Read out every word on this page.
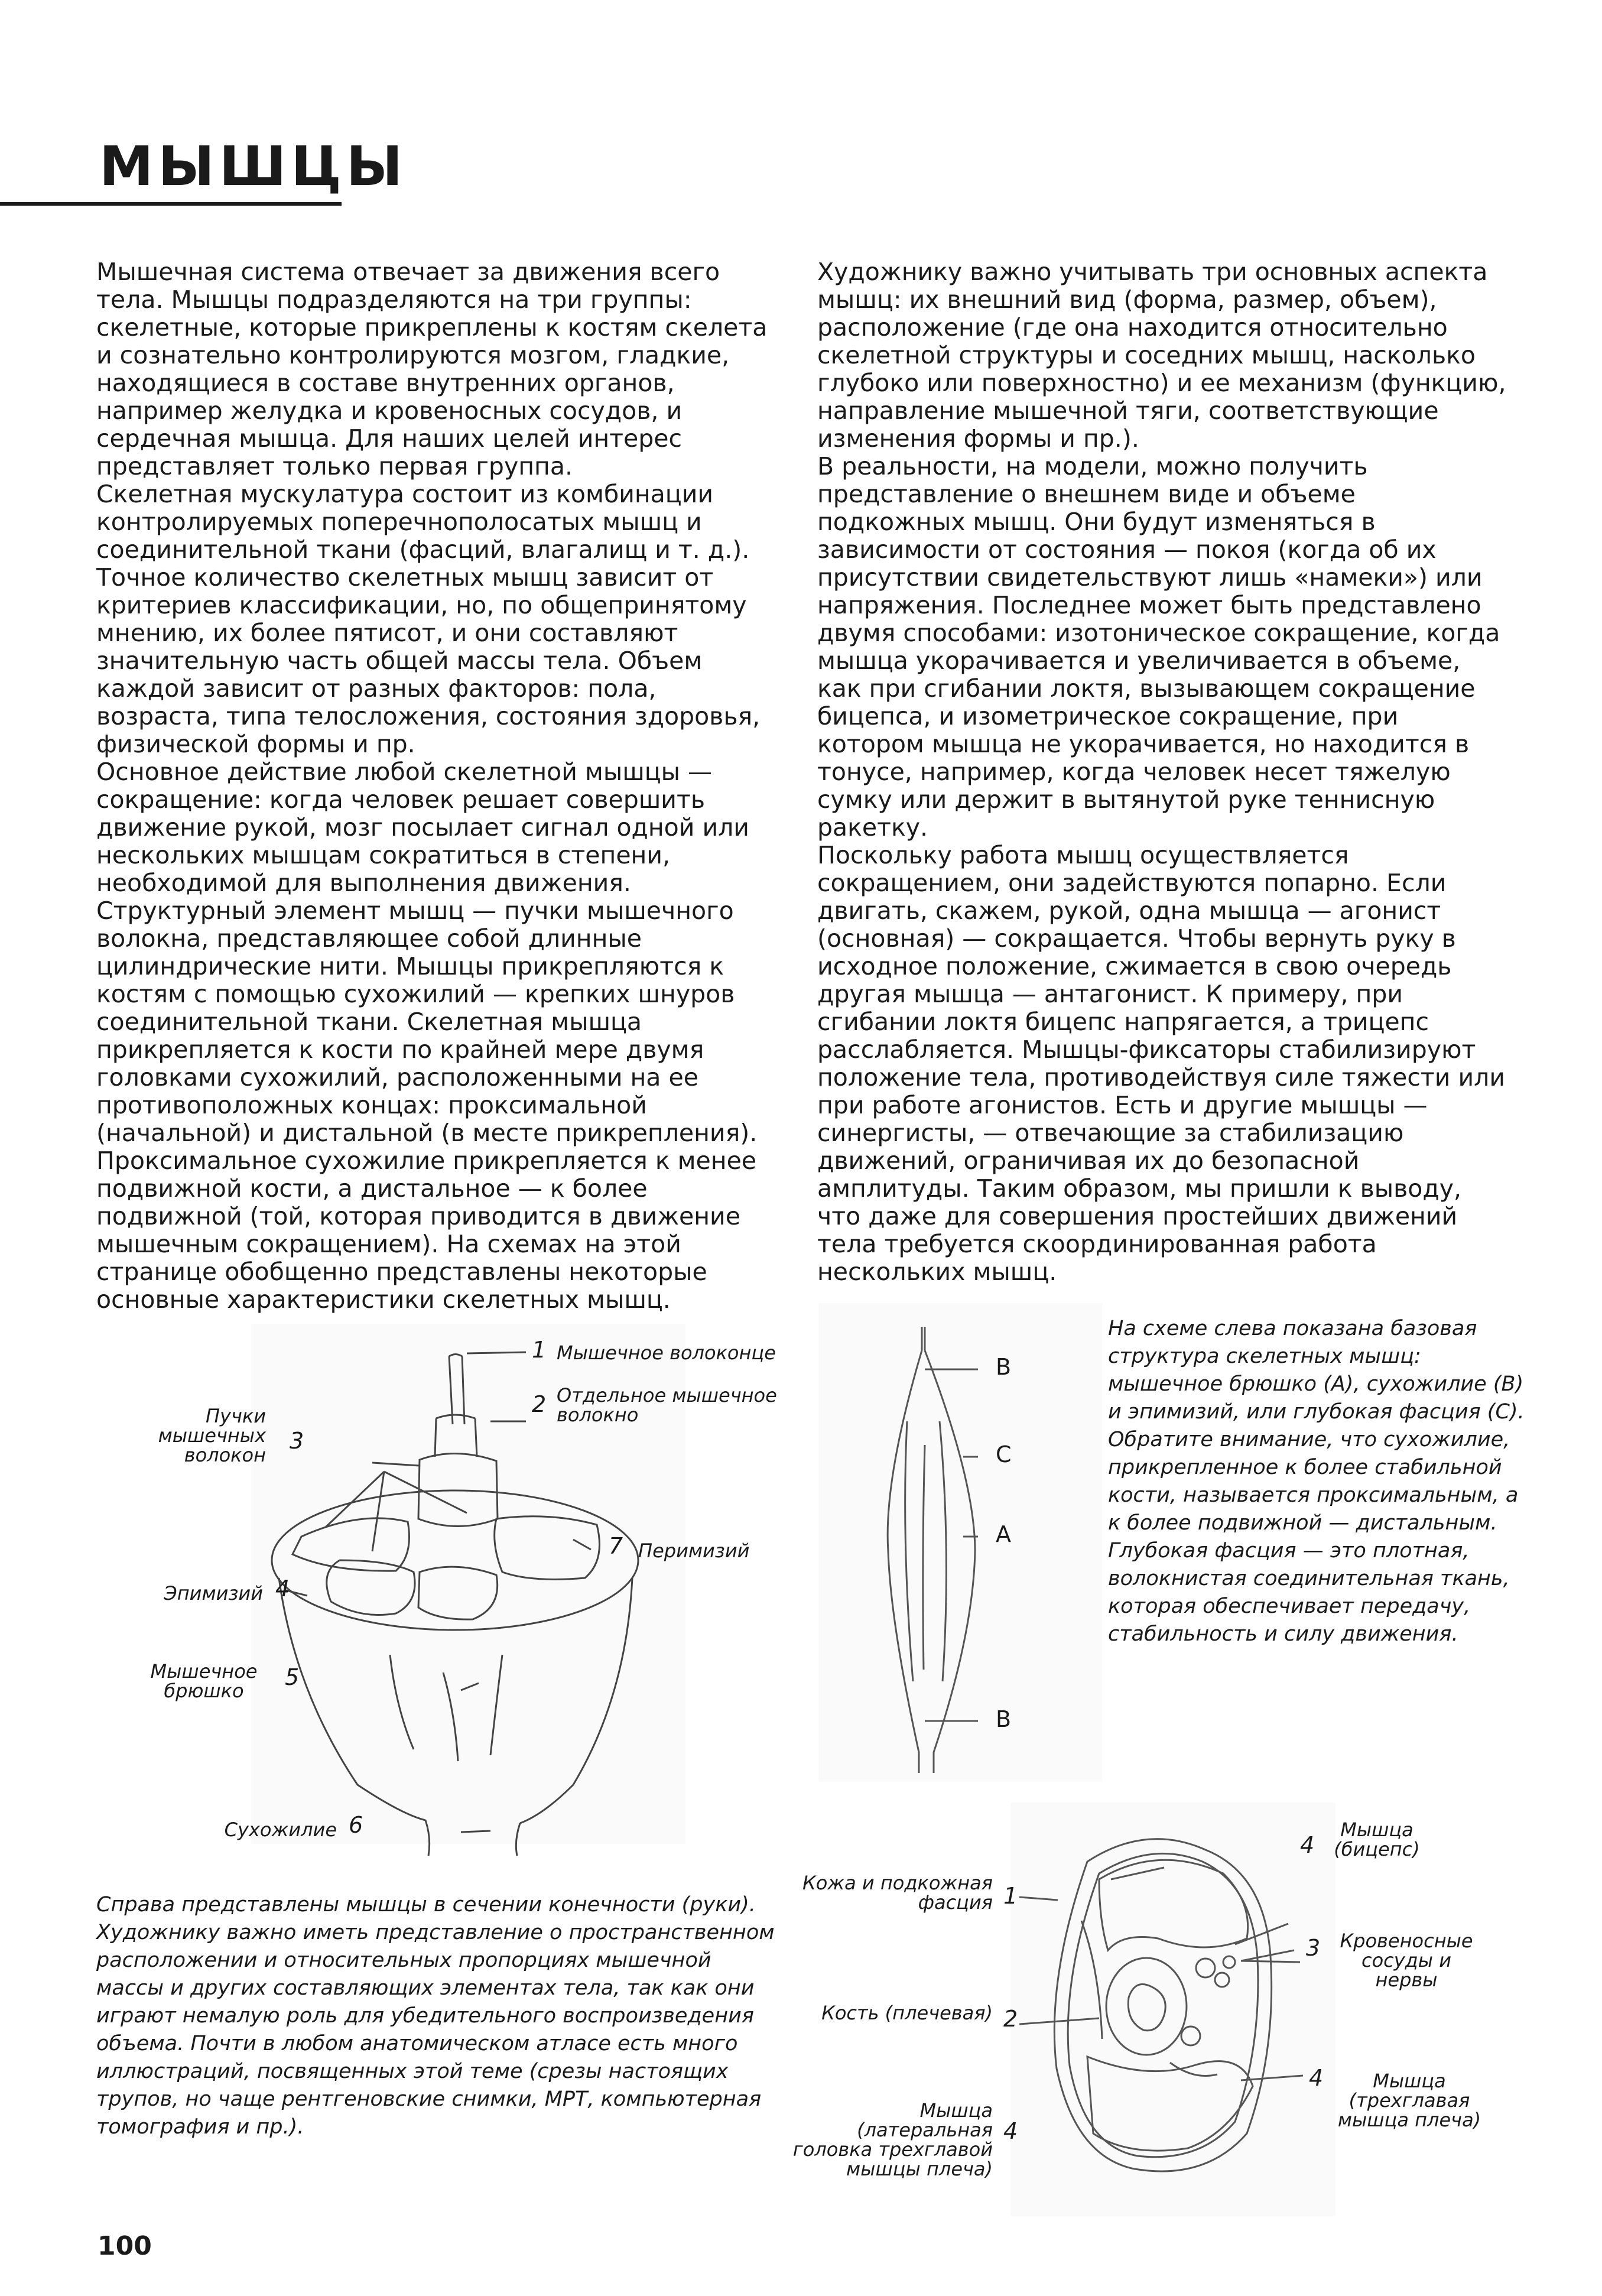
МЫШЦЫ

Мышечная система отвечает за движения всего тела. Мышцы подразделяются на три группы: скелетные, которые прикреплены к костям скелета и сознательно контролируются мозгом, гладкие, находящиеся в составе внутренних органов, например желудка и кровеносных сосудов, и сердечная мышца. Для наших целей интерес представляет только первая группа.

Скелетная мускулатура состоит из комбинации контролируемых поперечнополосатых мышц и соединительной ткани (фасций, влагалищ и т. д.). Точное количество скелетных мышц зависит от критериев классификации, но, по общепринятому мнению, их более пятисот, и они составляют значительную часть общей массы тела. Объем каждой зависит от разных факторов: пола, возраста, типа телосложения, состояния здоровья, физической формы и пр.

Основное действие любой скелетной мышцы — сокращение: когда человек решает совершить движение рукой, мозг посылает сигнал одной или нескольких мышцам сократиться в степени, необходимой для выполнения движения. Структурный элемент мышц — пучки мышечного волокна, представляющее собой длинные цилиндрические нити. Мышцы прикрепляются к костям с помощью сухожилий — крепких шнуров соединительной ткани. Скелетная мышца прикрепляется к кости по крайней мере двумя головками сухожилий, расположенными на ее противоположных концах: проксимальной (начальной) и дистальной (в месте прикрепления). Проксимальное сухожилие прикрепляется к менее подвижной кости, а дистальное — к более подвижной (той, которая приводится в движение мышечным сокращением). На схемах на этой странице обобщенно представлены некоторые основные характеристики скелетных мышц.

Художнику важно учитывать три основных аспекта мышц: их внешний вид (форма, размер, объем), расположение (где она находится относительно скелетной структуры и соседних мышц, насколько глубоко или поверхностно) и ее механизм (функцию, направление мышечной тяги, соответствующие изменения формы и пр.).

В реальности, на модели, можно получить представление о внешнем виде и объеме подкожных мышц. Они будут изменяться в зависимости от состояния — покоя (когда об их присутствии свидетельствуют лишь «намеки») или напряжения. Последнее может быть представлено двумя способами: изотоническое сокращение, когда мышца укорачивается и увеличивается в объеме, как при сгибании локтя, вызывающем сокращение бицепса, и изометрическое сокращение, при котором мышца не укорачивается, но находится в тонусе, например, когда человек несет тяжелую сумку или держит в вытянутой руке теннисную ракетку.

Поскольку работа мышц осуществляется сокращением, они задействуются попарно. Если двигать, скажем, рукой, одна мышца — агонист (основная) — сокращается. Чтобы вернуть руку в исходное положение, сжимается в свою очередь другая мышца — антагонист. К примеру, при сгибании локтя бицепс напрягается, а трицепс расслабляется. Мышцы-фиксаторы стабилизируют положение тела, противодействуя силе тяжести или при работе агонистов. Есть и другие мышцы — синергисты, — отвечающие за стабилизацию движений, ограничивая их до безопасной амплитуды. Таким образом, мы пришли к выводу, что даже для совершения простейших движений тела требуется скоординированная работа нескольких мышц.

1 Мышечное волоконце
2 Отдельное мышечное волокно
3
Пучки мышечных волокон
7 Перимизий
4
Эпимизий
5
Мышечное брюшко
6
Сухожилие
B
C
A
B
На схеме слева показана базовая структура скелетных мышц: мышечное брюшко (A), сухожилие (B) и эпимизий, или глубокая фасция (C). Обратите внимание, что сухожилие, прикрепленное к более стабильной кости, называется проксимальным, а к более подвижной — дистальным. Глубокая фасция — это плотная, волокнистая соединительная ткань, которая обеспечивает передачу, стабильность и силу движения.
Справа представлены мышцы в сечении конечности (руки). Художнику важно иметь представление о пространственном расположении и относительных пропорциях мышечной массы и других составляющих элементах тела, так как они играют немалую роль для убедительного воспроизведения объема. Почти в любом анатомическом атласе есть много иллюстраций, посвященных этой теме (срезы настоящих трупов, но чаще рентгеновские снимки, МРТ, компьютерная томография и пр.).
1
Кожа и подкожная фасция
2
Кость (плечевая)
4
Мышца (латеральная головка трехглавой мышцы плеча)
4
Мышца (бицепс)
3	Кровеносные сосуды и нервы
4	Мышца (трехглавая мышца плеча)
100
